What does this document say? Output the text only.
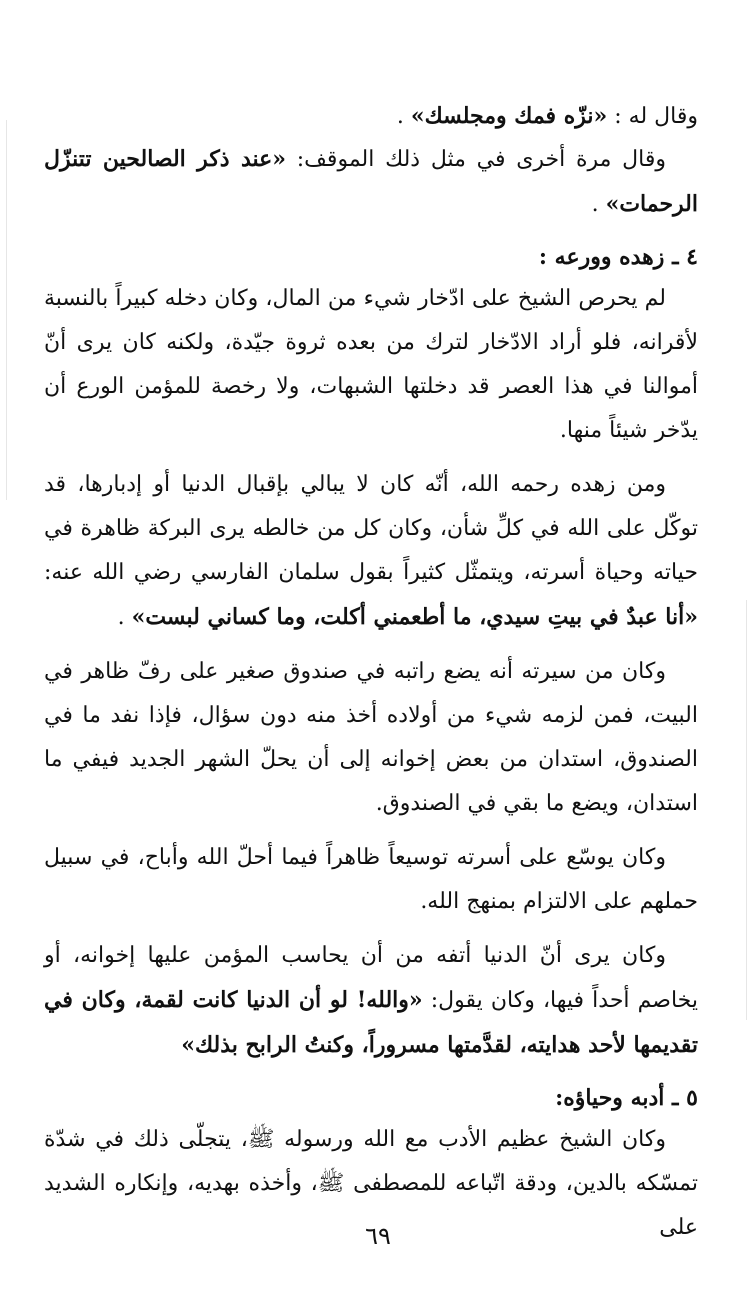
وقال له : «نزّه فمك ومجلسك» .

وقال مرة أخرى في مثل ذلك الموقف: «عند ذكر الصالحين تتنزّل الرحمات» .

٤ ـ زهده وورعه :

لم يحرص الشيخ على ادّخار شيء من المال، وكان دخله كبيراً بالنسبة لأقرانه، فلو أراد الادّخار لترك من بعده ثروة جيّدة، ولكنه كان يرى أنّ أموالنا في هذا العصر قد دخلتها الشبهات، ولا رخصة للمؤمن الورع أن يدّخر شيئاً منها.

ومن زهده رحمه الله، أنّه كان لا يبالي بإقبال الدنيا أو إدبارها، قد توكّل على الله في كلِّ شأن، وكان كل من خالطه يرى البركة ظاهرة في حياته وحياة أسرته، ويتمثّل كثيراً بقول سلمان الفارسي رضي الله عنه: «أنا عبدٌ في بيتِ سيدي، ما أطعمني أكلت، وما كساني لبست» .

وكان من سيرته أنه يضع راتبه في صندوق صغير على رفّ ظاهر في البيت، فمن لزمه شيء من أولاده أخذ منه دون سؤال، فإذا نفد ما في الصندوق، استدان من بعض إخوانه إلى أن يحلّ الشهر الجديد فيفي ما استدان، ويضع ما بقي في الصندوق.

وكان يوسّع على أسرته توسيعاً ظاهراً فيما أحلّ الله وأباح، في سبيل حملهم على الالتزام بمنهج الله.

وكان يرى أنّ الدنيا أتفه من أن يحاسب المؤمن عليها إخوانه، أو يخاصم أحداً فيها، وكان يقول: «والله! لو أن الدنيا كانت لقمة، وكان في تقديمها لأحد هدايته، لقدَّمتها مسروراً، وكنتُ الرابح بذلك»

٥ ـ أدبه وحياؤه:

وكان الشيخ عظيم الأدب مع الله ورسوله ﷺ، يتجلّى ذلك في شدّة تمسّكه بالدين، ودقة اتّباعه للمصطفى ﷺ، وأخذه بهديه، وإنكاره الشديد على

٦٩
